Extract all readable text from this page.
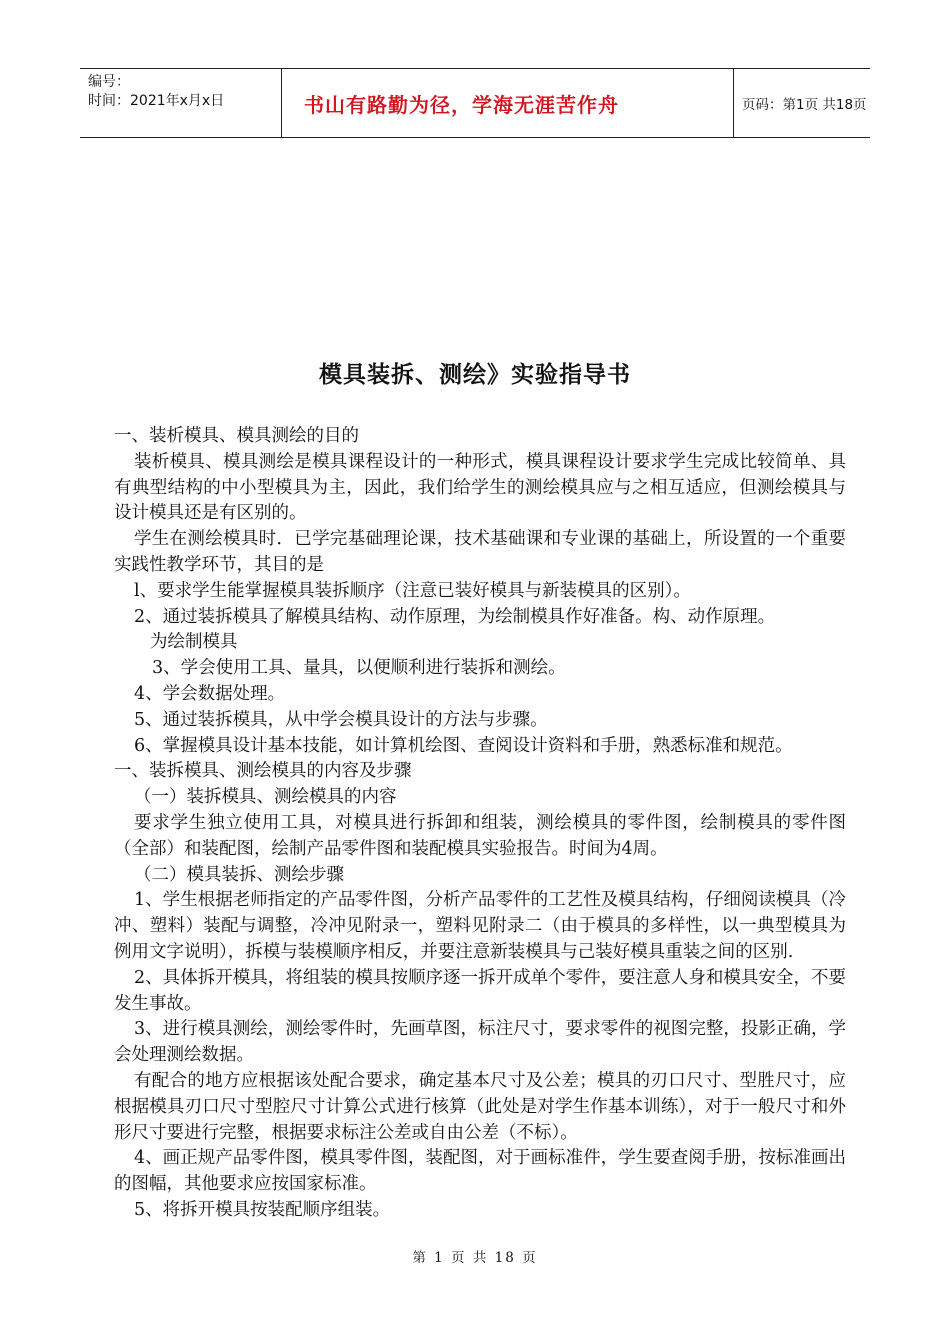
编号：
时间：2021年x月x日	书山有路勤为径，学海无涯苦作舟	页码：第1页 共18页
模具装拆、测绘》实验指导书
一、装析模具、模具测绘的目的
装析模具、模具测绘是模具课程设计的一种形式，模具课程设计要求学生完成比较简单、具有典型结构的中小型模具为主，因此，我们给学生的测绘模具应与之相互适应，但测绘模具与设计模具还是有区别的。
学生在测绘模具时．已学完基础理论课，技术基础课和专业课的基础上，所设置的一个重要实践性教学环节，其目的是
l、要求学生能掌握模具装拆顺序（注意已装好模具与新装模具的区别）。
2、通过装拆模具了解模具结构、动作原理，为绘制模具作好准备。构、动作原理。
为绘制模具
3、学会使用工具、量具，以便顺利进行装拆和测绘。
4、学会数据处理。
5、通过装拆模具，从中学会模具设计的方法与步骤。
6、掌握模具设计基本技能，如计算机绘图、查阅设计资料和手册，熟悉标准和规范。
一、装拆模具、测绘模具的内容及步骤
（一）装拆模具、测绘模具的内容
要求学生独立使用工具，对模具进行拆卸和组装，测绘模具的零件图，绘制模具的零件图（全部）和装配图，绘制产品零件图和装配模具实验报告。时间为4周。
（二）模具装拆、测绘步骤
1、学生根据老师指定的产品零件图，分析产品零件的工艺性及模具结构，仔细阅读模具（冷冲、塑料）装配与调整，冷冲见附录一，塑料见附录二（由于模具的多样性，以一典型模具为例用文字说明），拆模与装模顺序相反，并要注意新装模具与己装好模具重装之间的区别.
2、具体拆开模具，将组装的模具按顺序逐一拆开成单个零件，要注意人身和模具安全，不要发生事故。
3、进行模具测绘，测绘零件时，先画草图，标注尺寸，要求零件的视图完整，投影正确，学会处理测绘数据。
有配合的地方应根据该处配合要求，确定基本尺寸及公差；模具的刃口尺寸、型胜尺寸，应根据模具刃口尺寸型腔尺寸计算公式进行核算（此处是对学生作基本训练），对于一般尺寸和外形尺寸要进行完整，根据要求标注公差或自由公差（不标）。
4、画正规产品零件图，模具零件图，装配图，对于画标准件，学生要查阅手册，按标准画出的图幅，其他要求应按国家标准。
5、将拆开模具按装配顺序组装。
第 1 页 共 18 页
